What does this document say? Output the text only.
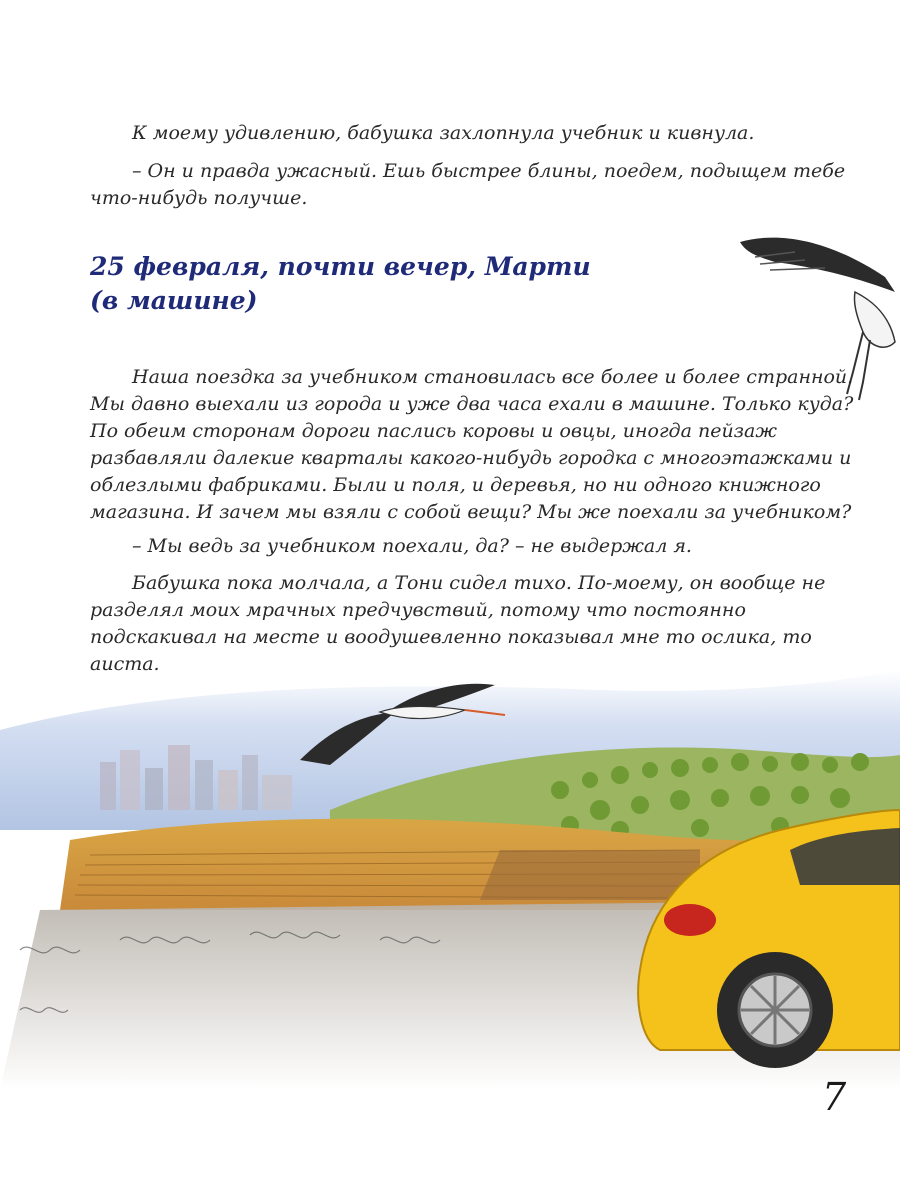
К моему удивлению, бабушка захлопнула учебник и кивнула.

– Он и правда ужасный. Ешь быстрее блины, поедем, подыщем тебе что-нибудь получше.

25 февраля, почти вечер, Марти
(в машине)

Наша поездка за учебником становилась все более и более странной. Мы давно выехали из города и уже два часа ехали в машине. Только куда? По обеим сторонам дороги паслись коровы и овцы, иногда пейзаж разбавляли далекие кварталы какого-нибудь городка с многоэтажками и облезлыми фабриками. Были и поля, и деревья, но ни одного книжного магазина. И зачем мы взяли с собой вещи? Мы же поехали за учебником?

– Мы ведь за учебником поехали, да? – не выдержал я.

Бабушка пока молчала, а Тони сидел тихо. По-моему, он вообще не разделял моих мрачных предчувствий, потому что постоянно подскакивал на месте и воодушевленно показывал мне то ослика, то аиста.

7
